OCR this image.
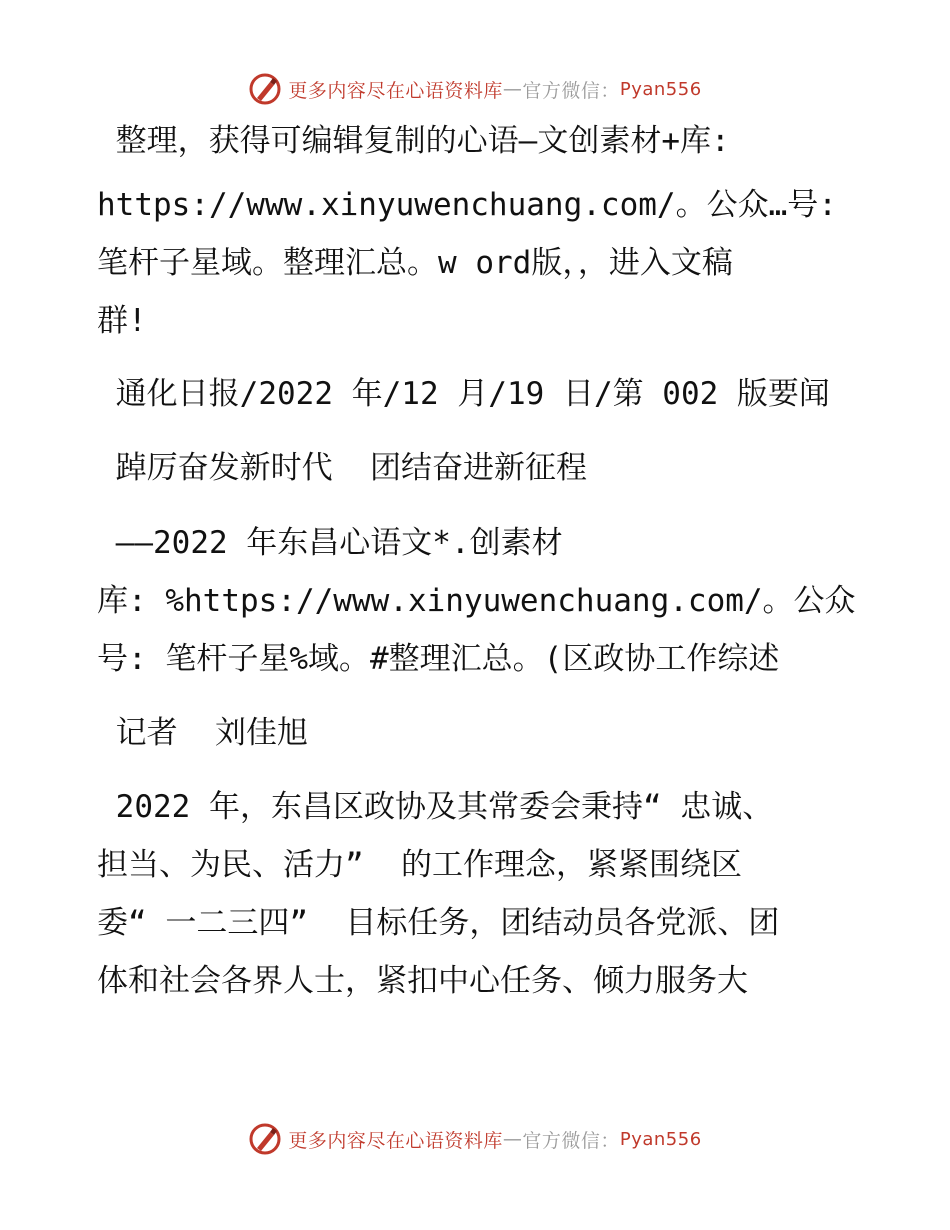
更多内容尽在心语资料库 — 官方微信： Pyan556
整理，获得可编辑复制的心语—文创素材+库:
https://www.xinyuwenchuang.com/。公众…号:
笔杆子星域。整理汇总。w ord版，，进入文稿
群!
通化日报/2022 年/12 月/19 日/第 002 版要闻
踔厉奋发新时代  团结奋进新征程
——2022 年东昌心语文*.创素材
库: %https://www.xinyuwenchuang.com/。公众
号: 笔杆子星%域。#整理汇总。(区政协工作综述
记者  刘佳旭
2022 年，东昌区政协及其常委会秉持“ 忠诚、
担当、为民、活力”  的工作理念，紧紧围绕区
委“ 一二三四”  目标任务，团结动员各党派、团
体和社会各界人士，紧扣中心任务、倾力服务大
更多内容尽在心语资料库 — 官方微信： Pyan556
